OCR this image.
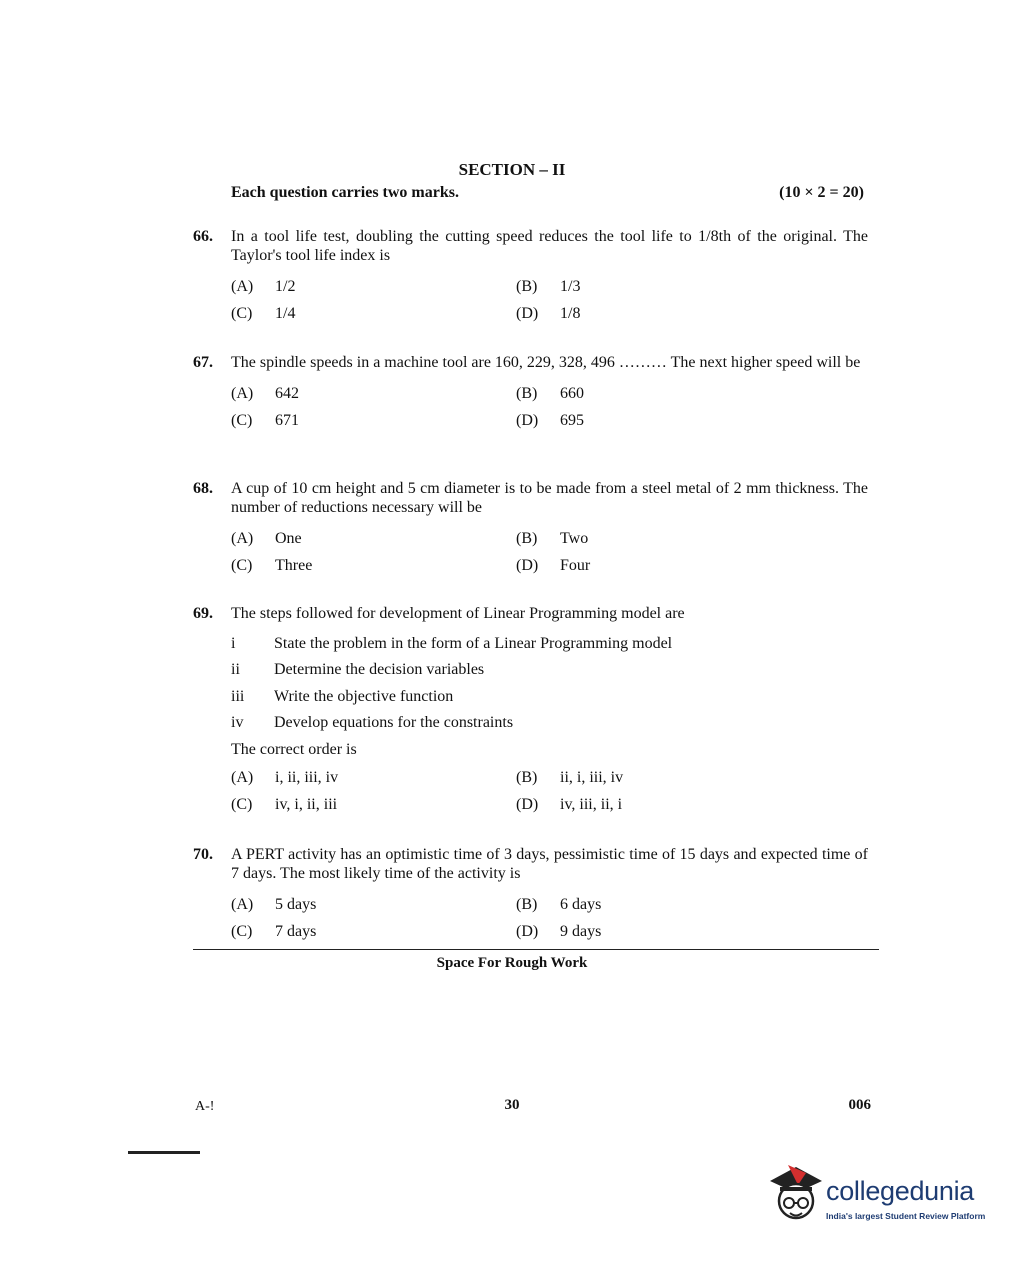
SECTION – II
Each question carries two marks.	(10 × 2 = 20)
66. In a tool life test, doubling the cutting speed reduces the tool life to 1/8th of the original. The Taylor's tool life index is
(A)	1/2	(B)	1/3
(C)	1/4	(D)	1/8
67. The spindle speeds in a machine tool are 160, 229, 328, 496 ……… The next higher speed will be
(A)	642	(B)	660
(C)	671	(D)	695
68. A cup of 10 cm height and 5 cm diameter is to be made from a steel metal of 2 mm thickness. The number of reductions necessary will be
(A)	One	(B)	Two
(C)	Three	(D)	Four
69. The steps followed for development of Linear Programming model are
i	State the problem in the form of a Linear Programming model
ii	Determine the decision variables
iii	Write the objective function
iv	Develop equations for the constraints
The correct order is
(A)	i, ii, iii, iv	(B)	ii, i, iii, iv
(C)	iv, i, ii, iii	(D)	iv, iii, ii, i
70. A PERT activity has an optimistic time of 3 days, pessimistic time of 15 days and expected time of 7 days. The most likely time of the activity is
(A)	5 days	(B)	6 days
(C)	7 days	(D)	9 days
Space For Rough Work
A-!	30	006
collegedunia
India's largest Student Review Platform
